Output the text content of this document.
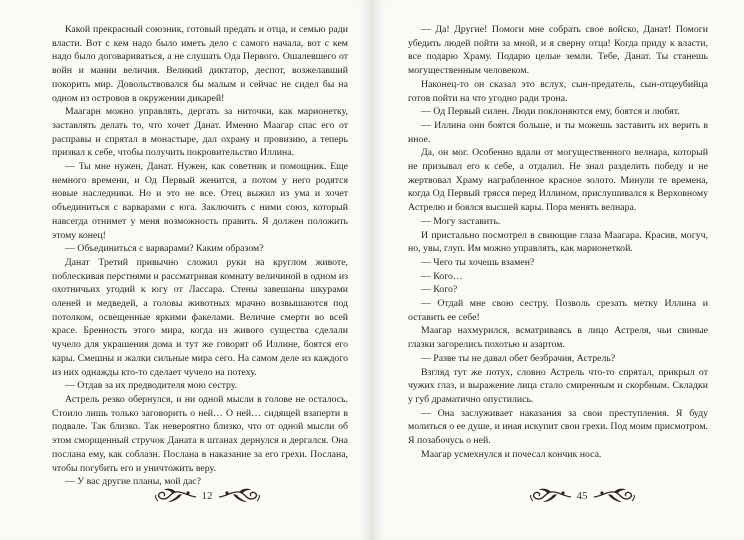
Какой прекрасный союзник, готовый предать и отца, и семью ради власти. Вот с кем надо было иметь дело с самого начала, вот с кем надо было договариваться, а не слушать Ода Первого. Ошалевшего от войн и мании величия. Великий диктатор, деспот, возжелавший покорить мир. Довольствовался бы малым и сейчас не сидел бы на одном из островов в окружении дикарей!

Маагарн можно управлять, дергать за ниточки, как марионетку, заставлять делать то, что хочет Данат. Именно Маагар спас его от расправы и спрятал в монастыре, дал охрану и провизию, а теперь призвал к себе, чтобы получить покровительство Иллина.

— Ты мне нужен, Данат. Нужен, как советник и помощник. Еще немного времени, и Од Первый женится, а потом у него родятся новые наследники. Но и это не все. Отец выжил из ума и хочет объединиться с варварами с юга. Заключить с ними союз, который навсегда отнимет у меня возможность править. Я должен положить этому конец!

— Объединиться с варварами? Каким образом?

Данат Третий привычно сложил руки на круглом животе, поблескивая перстнями и рассматривая комнату величиной в одном из охотничьих угодий к югу от Лассара. Стены завешаны шкурами оленей и медведей, а головы животных мрачно возвышаются под потолком, освещенные яркими факелами. Величие смерти во всей красе. Бренность этого мира, когда из живого существа сделали чучело для украшения дома и тут же говорят об Иллине, боятся его кары. Смешны и жалки сильные мира сего. На самом деле из каждого из них однажды кто-то сделает чучело на потеху.

— Отдав за их предводителя мою сестру.

Астрель резко обернулся, и ни одной мысли в голове не осталось. Стоило лишь только заговорить о ней… О ней… сидящей взаперти в подвале. Так близко. Так невероятно близко, что от одной мысли об этом сморщенный стручок Даната в штанах дернулся и дергался. Она послана ему, как соблазн. Послана в наказание за его грехи. Послана, чтобы погубить его и уничтожить веру.

— У вас другие планы, мой дас?

12

— Да! Другие! Помоги мне собрать свое войско, Данат! Помоги убедить людей пойти за мной, и я сверну отца! Когда приду к власти, все подарю Храму. Подарю целые земли. Тебе, Данат. Ты станешь могущественным человеком.

Наконец-то он сказал это вслух, сын-предатель, сын-отцеубийца готов пойти на что угодно ради трона.

— Од Первый силен. Люди поклоняются ему, боятся и любят.

— Иллина они боятся больше, и ты можешь заставить их верить в иное.

Да, он мог. Особенно вдали от могущественного велнара, который не призывал его к себе, а отдалил. Не знал разделить победу и не жертвовал Храму награбленное красное золото. Минули те времена, когда Од Первый трясся перед Иллином, прислушивался к Верховному Астрелю и боялся высшей кары. Пора менять велнара.

— Могу заставить.

И пристально посмотрел в свиющие глаза Маагара. Красив, могуч, но, увы, глуп. Им можно управлять, как марионеткой.

— Чего ты хочешь взамен?

— Кого…

— Кого?

— Отдай мне свою сестру. Позволь срезать метку Иллина и оставить ее себе!

Маагар нахмурился, всматриваясь в лицо Астреля, чьи свиные глазки загорелись похотью и азартом.

— Разве ты не давал обет безбрачия, Астрель?

Взгляд тут же потух, словно Астрель что-то спрятал, прикрыл от чужих глаз, и выражение лица стало смиренным и скорбным. Складки у губ драматично опустились.

— Она заслуживает наказания за свои преступления. Я буду молиться о ее душе, и иная искупит свои грехи. Под моим присмотром. Я позабочусь о ней.

Маагар усмехнулся и почесал кончик носа.

45
